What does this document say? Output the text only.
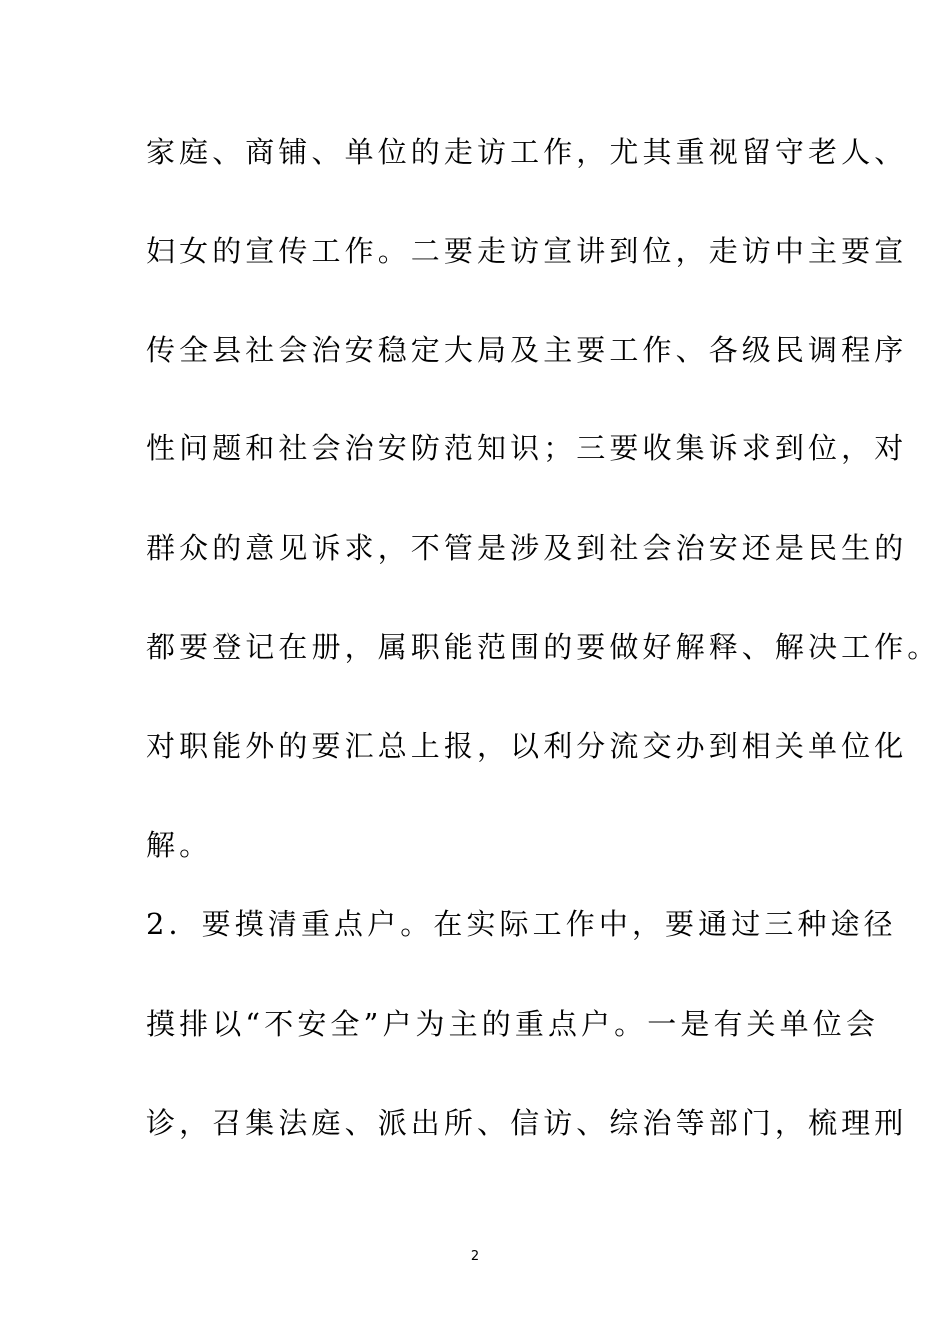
家庭、商铺、单位的走访工作，尤其重视留守老人、
妇女的宣传工作。二要走访宣讲到位，走访中主要宣
传全县社会治安稳定大局及主要工作、各级民调程序
性问题和社会治安防范知识；三要收集诉求到位，对
群众的意见诉求，不管是涉及到社会治安还是民生的
都要登记在册，属职能范围的要做好解释、解决工作。
对职能外的要汇总上报，以利分流交办到相关单位化
解。
2．要摸清重点户。在实际工作中，要通过三种途径
摸排以“不安全”户为主的重点户。一是有关单位会
诊，召集法庭、派出所、信访、综治等部门，梳理刑
2
